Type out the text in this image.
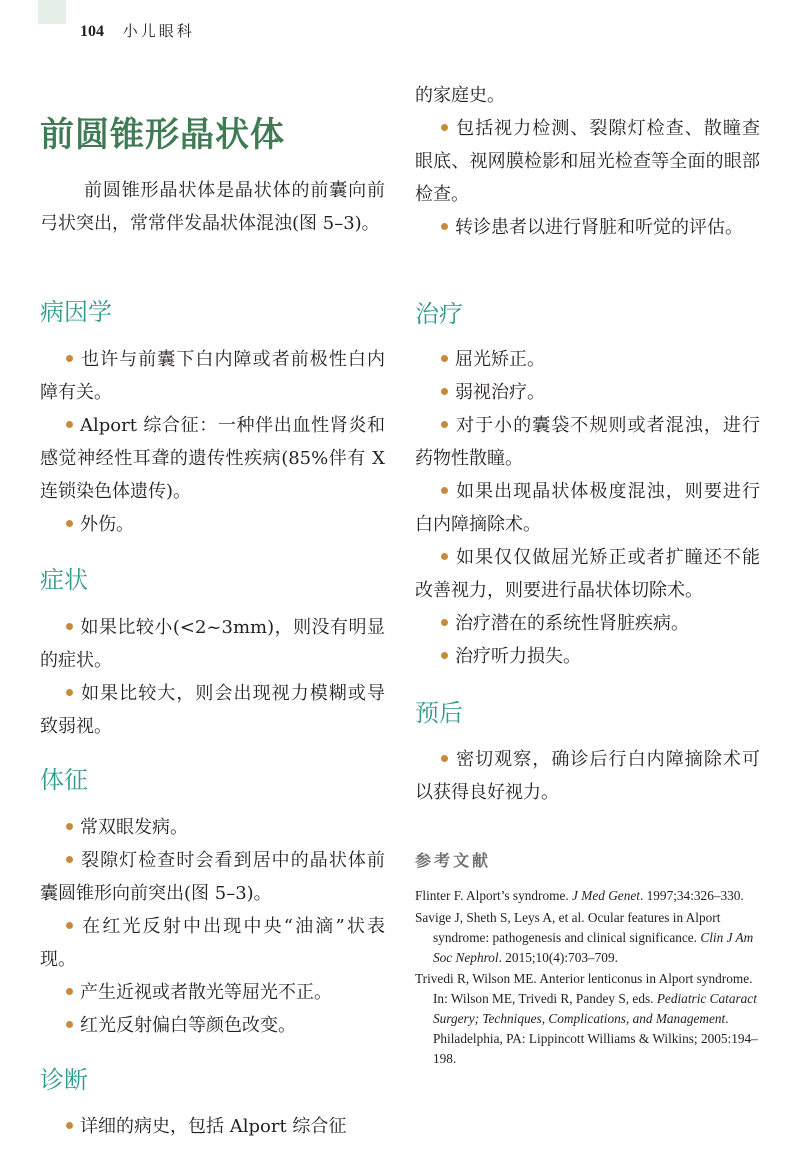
104 小儿眼科
前圆锥形晶状体

前圆锥形晶状体是晶状体的前囊向前弓状突出，常常伴发晶状体混浊(图 5–3)。

病因学

也许与前囊下白内障或者前极性白内障有关。

Alport 综合征：一种伴出血性肾炎和感觉神经性耳聋的遗传性疾病(85%伴有 X 连锁染色体遗传)。

外伤。

症状

如果比较小(<2~3mm)，则没有明显的症状。

如果比较大，则会出现视力模糊或导致弱视。

体征

常双眼发病。

裂隙灯检查时会看到居中的晶状体前囊圆锥形向前突出(图 5–3)。

在红光反射中出现中央“油滴”状表现。

产生近视或者散光等屈光不正。

红光反射偏白等颜色改变。

诊断

详细的病史，包括 Alport 综合征

的家庭史。

包括视力检测、裂隙灯检查、散瞳查眼底、视网膜检影和屈光检查等全面的眼部检查。

转诊患者以进行肾脏和听觉的评估。

治疗

屈光矫正。

弱视治疗。

对于小的囊袋不规则或者混浊，进行药物性散瞳。

如果出现晶状体极度混浊，则要进行白内障摘除术。

如果仅仅做屈光矫正或者扩瞳还不能改善视力，则要进行晶状体切除术。

治疗潜在的系统性肾脏疾病。

治疗听力损失。

预后

密切观察，确诊后行白内障摘除术可以获得良好视力。

参考文献

Flinter F. Alport’s syndrome. J Med Genet. 1997;34:326–330.

Savige J, Sheth S, Leys A, et al. Ocular features in Alport syndrome: pathogenesis and clinical significance. Clin J Am Soc Nephrol. 2015;10(4):703–709.

Trivedi R, Wilson ME. Anterior lenticonus in Alport syndrome. In: Wilson ME, Trivedi R, Pandey S, eds. Pediatric Cataract Surgery; Techniques, Complications, and Management. Philadelphia, PA: Lippincott Williams & Wilkins; 2005:194–198.
